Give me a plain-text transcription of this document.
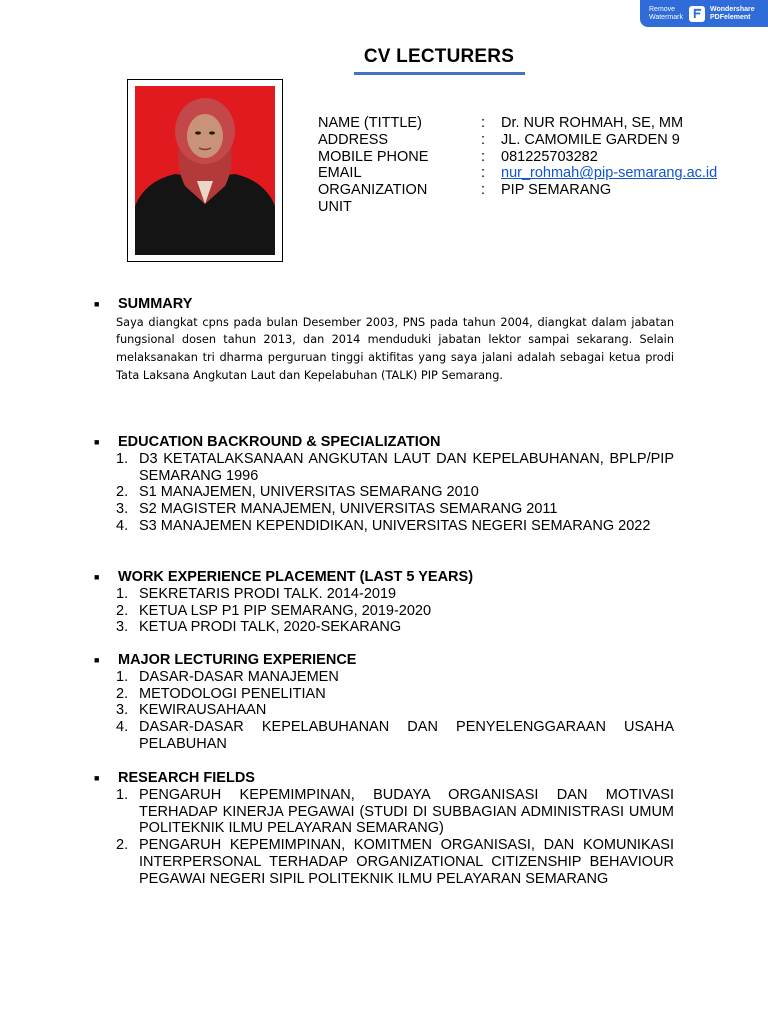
Remove Watermark
Wondershare
PDFelement
CV LECTURERS
NAME (TITTLE)	:	Dr. NUR ROHMAH, SE, MM
ADDRESS	:	JL. CAMOMILE GARDEN 9
MOBILE PHONE	:	081225703282
EMAIL	:	nur_rohmah@pip-semarang.ac.id
ORGANIZATION	:	PIP SEMARANG
UNIT
■	SUMMARY
Saya diangkat cpns pada bulan Desember 2003, PNS pada tahun 2004, diangkat dalam jabatan fungsional dosen tahun 2013, dan 2014 menduduki jabatan lektor sampai sekarang. Selain melaksanakan tri dharma perguruan tinggi aktifitas yang saya jalani adalah sebagai ketua prodi Tata Laksana Angkutan Laut dan Kepelabuhan (TALK) PIP Semarang.
■	EDUCATION BACKROUND & SPECIALIZATION
1. D3 KETATALAKSANAAN ANGKUTAN LAUT DAN KEPELABUHANAN, BPLP/PIP SEMARANG 1996
2. S1 MANAJEMEN, UNIVERSITAS SEMARANG 2010
3. S2 MAGISTER MANAJEMEN, UNIVERSITAS SEMARANG 2011
4. S3 MANAJEMEN KEPENDIDIKAN, UNIVERSITAS NEGERI SEMARANG 2022
■	WORK EXPERIENCE PLACEMENT (LAST 5 YEARS)
1. SEKRETARIS PRODI TALK. 2014-2019
2. KETUA LSP P1 PIP SEMARANG, 2019-2020
3. KETUA PRODI TALK, 2020-SEKARANG
■	MAJOR LECTURING EXPERIENCE
1. DASAR-DASAR MANAJEMEN
2. METODOLOGI PENELITIAN
3. KEWIRAUSAHAAN
4. DASAR-DASAR KEPELABUHANAN DAN PENYELENGGARAAN USAHA PELABUHAN
■	RESEARCH FIELDS
1. PENGARUH KEPEMIMPINAN, BUDAYA ORGANISASI DAN MOTIVASI TERHADAP KINERJA PEGAWAI (STUDI DI SUBBAGIAN ADMINISTRASI UMUM POLITEKNIK ILMU PELAYARAN SEMARANG)
2. PENGARUH KEPEMIMPINAN, KOMITMEN ORGANISASI, DAN KOMUNIKASI INTERPERSONAL TERHADAP ORGANIZATIONAL CITIZENSHIP BEHAVIOUR PEGAWAI NEGERI SIPIL POLITEKNIK ILMU PELAYARAN SEMARANG
